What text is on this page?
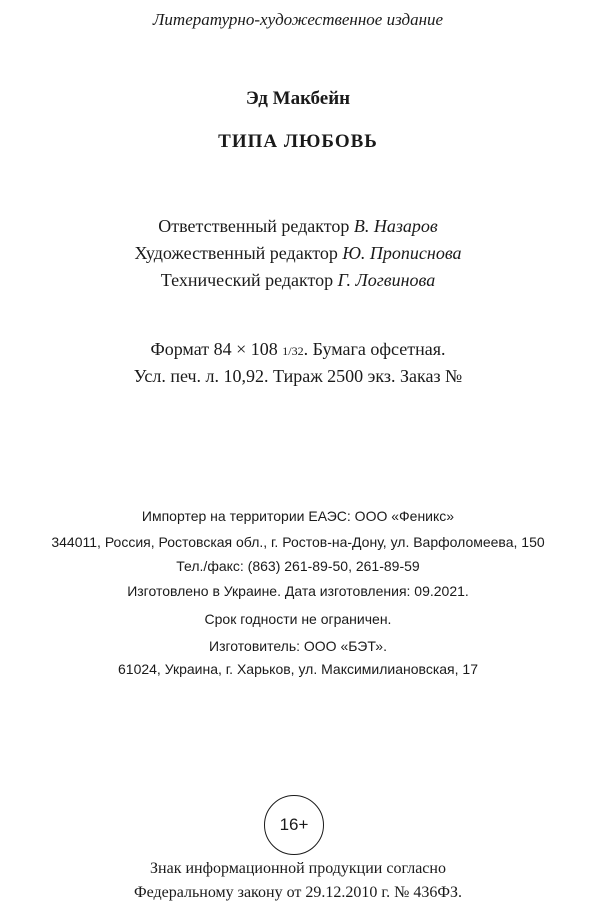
Литературно-художественное издание
Эд Макбейн
ТИПА ЛЮБОВЬ
Ответственный редактор В. Назаров
Художественный редактор Ю. Прописнова
Технический редактор Г. Логвинова
Формат 84 × 108 1/32. Бумага офсетная.
Усл. печ. л. 10,92. Тираж 2500 экз. Заказ №
Импортер на территории ЕАЭС: ООО «Феникс»
344011, Россия, Ростовская обл., г. Ростов-на-Дону, ул. Варфоломеева, 150
Тел./факс: (863) 261-89-50, 261-89-59
Изготовлено в Украине. Дата изготовления: 09.2021.
Срок годности не ограничен.
Изготовитель: ООО «БЭТ».
61024, Украина, г. Харьков, ул. Максимилиановская, 17
16+
Знак информационной продукции согласно
Федеральному закону от 29.12.2010 г. № 436ФЗ.
